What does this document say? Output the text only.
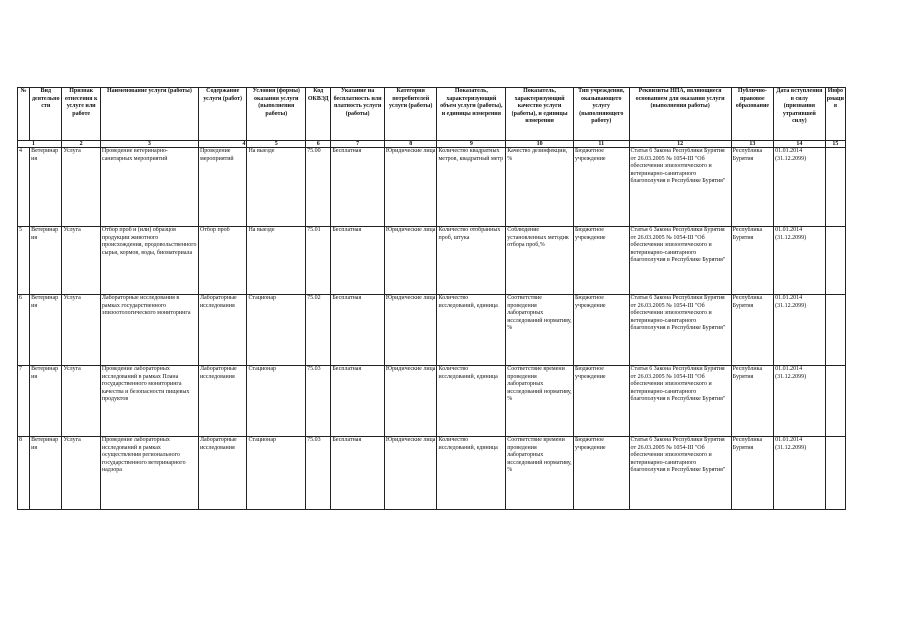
№	Вид деятельности	Признак отнесения к услуге или работе	Наименование услуги (работы)	Содержание услуги (работ)	Условия (формы) оказания услуги (выполнения работы)	Код ОКВЭД	Указание на бесплатность или платность услуги (работы)	Категория потребителей услуги (работы)	Показатель, характеризующий объем услуги (работы), и единицы измерения	Показатель, характеризующий качество услуги (работы), и единицы измерения	Тип учреждения, оказывающего услугу (выполняющего работу)	Реквизиты НПА, являющиеся основанием для оказания услуги (выполнения работы)	Публично-правовое образование	Дата вступления в силу (признания утратившей силу)	Информация
1		2	3	4	5	6	7	8	9	10	11	12	13	14	15
4	Ветеринария	Услуга	Проведение ветеринарно-санитарных мероприятий	Проведение мероприятий	На выезде	75.00	Бесплатная	Юридические лица	Количество квадратных метров, квадратный метр	Качество дезинфекции, %	Бюджетное учреждение	Статья 6 Закона Республики Бурятия от 26.03.2005 № 1054-III "Об обеспечении эпизоотического и ветеринарно-санитарного благополучия в Республике Бурятия"	Республика Бурятия	01.01.2014 (31.12.2099)	
5	Ветеринария	Услуга	Отбор проб и (или) образцов продукции животного происхождения, продовольственного сырья, кормов, воды, биоматериала	Отбор проб	На выезде	75.01	Бесплатная	Юридические лица	Количество отобранных проб, штука	Соблюдение установленных методик отбора проб,%	Бюджетное учреждение	Статья 6 Закона Республики Бурятия от 26.03.2005 № 1054-III "Об обеспечении эпизоотического и ветеринарно-санитарного благополучия в Республике Бурятия"	Республика Бурятия	01.01.2014 (31.12.2099)	
6	Ветеринария	Услуга	Лабораторные исследования в рамках государственного эпизоотологического мониторинга	Лабораторные исследования	Стационар	75.02	Бесплатная	Юридические лица	Количество исследований, единица	Соответствие проведения лабораторных исследований нормативу, %	Бюджетное учреждение	Статья 6 Закона Республики Бурятия от 26.03.2005 № 1054-III "Об обеспечении эпизоотического и ветеринарно-санитарного благополучия в Республике Бурятия"	Республика Бурятия	01.01.2014 (31.12.2099)	
7	Ветеринария	Услуга	Проведение лабораторных исследований в рамках Плана государственного мониторинга качества и безопасности пищевых продуктов	Лабораторные исследования	Стационар	75.03	Бесплатная	Юридические лица	Количество исследований, единица	Соответствие времени проведения лабораторных исследований нормативу, %	Бюджетное учреждение	Статья 6 Закона Республики Бурятия от 26.03.2005 № 1054-III "Об обеспечении эпизоотического и ветеринарно-санитарного благополучия в Республике Бурятия"	Республика Бурятия	01.01.2014 (31.12.2099)	
8	Ветеринария	Услуга	Проведение лабораторных исследований в рамках осуществления регионального государственного ветеринарного надзора	Лабораторные исследования	Стационар	75.03	Бесплатная	Юридические лица	Количество исследований, единица	Соответствие времени проведения лабораторных исследований нормативу, %	Бюджетное учреждение	Статья 6 Закона Республики Бурятия от 26.03.2005 № 1054-III "Об обеспечении эпизоотического и ветеринарно-санитарного благополучия в Республике Бурятия"	Республика Бурятия	01.01.2014 (31.12.2099)	
